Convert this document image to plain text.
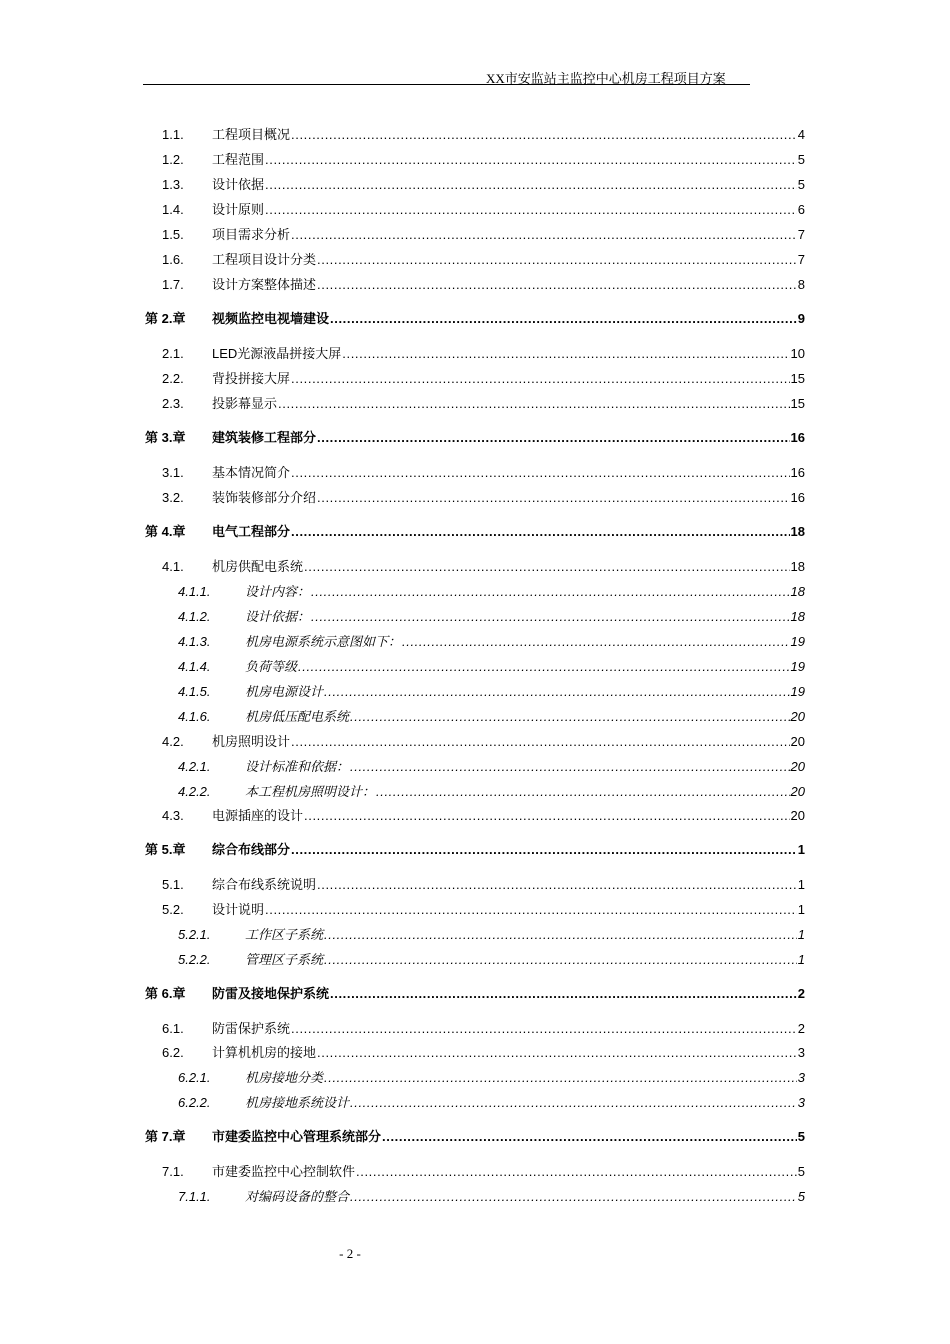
XX市安监站主监控中心机房工程项目方案
1.1. 工程项目概况 .....	4
1.2. 工程范围 .....	5
1.3. 设计依据 .....	5
1.4. 设计原则 .....	6
1.5. 项目需求分析 .....	7
1.6. 工程项目设计分类 .....	7
1.7. 设计方案整体描述 .....	8
第 2.章 视频监控电视墙建设 .....	9
2.1. LED光源液晶拼接大屏 .....	10
2.2. 背投拼接大屏 .....	15
2.3. 投影幕显示 .....	15
第 3.章 建筑装修工程部分 .....	16
3.1. 基本情况简介 .....	16
3.2. 装饰装修部分介绍 .....	16
第 4.章 电气工程部分 .....	18
4.1. 机房供配电系统 .....	18
4.1.1.	设计内容： .....	18
4.1.2.	设计依据： .....	18
4.1.3.	机房电源系统示意图如下： .....	19
4.1.4.	负荷等级 .....	19
4.1.5.	机房电源设计 .....	19
4.1.6.	机房低压配电系统 .....	20
4.2. 机房照明设计 .....	20
4.2.1.	设计标准和依据： .....	20
4.2.2.	本工程机房照明设计： .....	20
4.3. 电源插座的设计 .....	20
第 5.章 综合布线部分 .....	1
5.1. 综合布线系统说明 .....	1
5.2. 设计说明 .....	1
5.2.1.	工作区子系统 .....	1
5.2.2.	管理区子系统 .....	1
第 6.章 防雷及接地保护系统 .....	2
6.1. 防雷保护系统 .....	2
6.2. 计算机机房的接地 .....	3
6.2.1.	机房接地分类 .....	3
6.2.2.	机房接地系统设计 .....	3
第 7.章 市建委监控中心管理系统部分 .....	5
7.1. 市建委监控中心控制软件 .....	5
7.1.1.	对编码设备的整合 .....	5
- 2 -
